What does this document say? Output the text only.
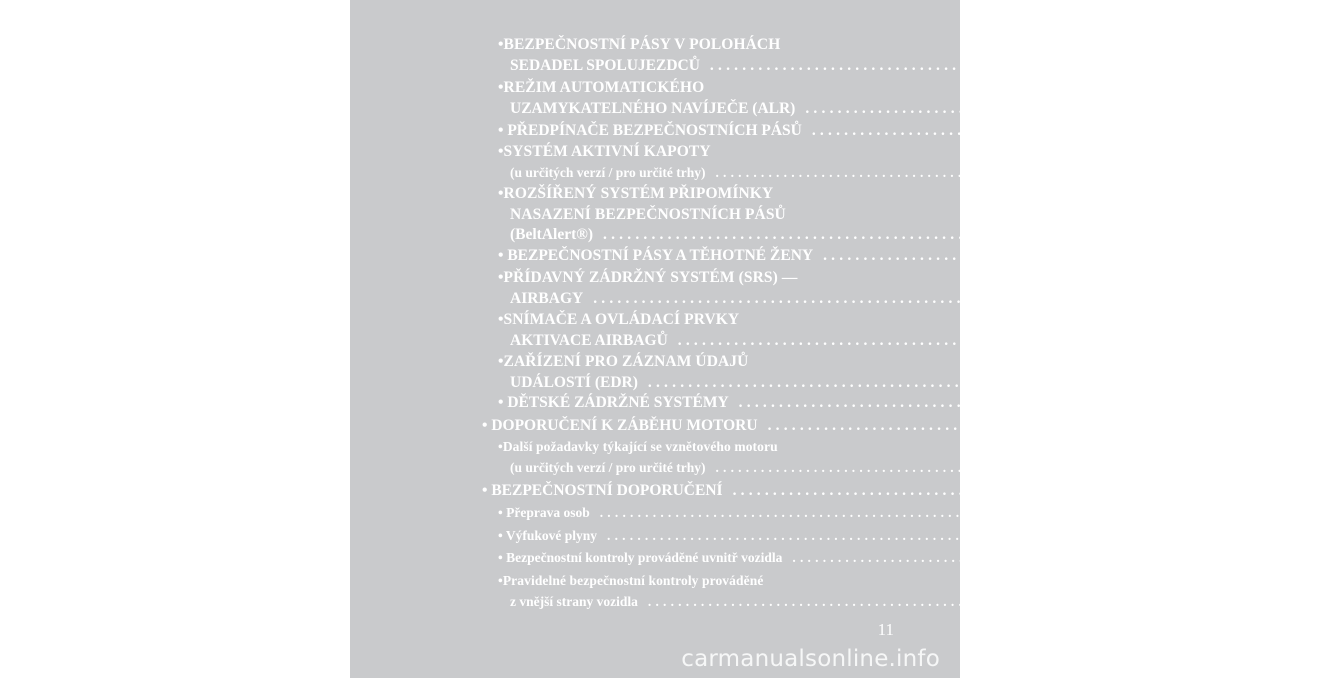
•BEZPEČNOSTNÍ PÁSY V POLOHÁCH
SEDADEL SPOLUJEZDCŮ ............................................................ 31
•REŽIM AUTOMATICKÉHO
UZAMYKATELNÉHO NAVÍJEČE (ALR) ............................................................ 32
• PŘEDPÍNAČE BEZPEČNOSTNÍCH PÁSŮ ............................................................ 32
•SYSTÉM AKTIVNÍ KAPOTY
(u určitých verzí / pro určité trhy) ............................................................ 32
•ROZŠÍŘENÝ SYSTÉM PŘIPOMÍNKY
NASAZENÍ BEZPEČNOSTNÍCH PÁSŮ
(BeltAlert®) ............................................................ 35
• BEZPEČNOSTNÍ PÁSY A TĚHOTNÉ ŽENY ............................................................ 35
•PŘÍDAVNÝ ZÁDRŽNÝ SYSTÉM (SRS) —
AIRBAGY ............................................................ 35
•SNÍMAČE A OVLÁDACÍ PRVKY
AKTIVACE AIRBAGŮ ............................................................ 39
•ZAŘÍZENÍ PRO ZÁZNAM ÚDAJŮ
UDÁLOSTÍ (EDR) ............................................................ 44
• DĚTSKÉ ZÁDRŽNÉ SYSTÉMY ............................................................ 45
• DOPORUČENÍ K ZÁBĚHU MOTORU ............................................................ 54
•Další požadavky týkající se vznětového motoru
(u určitých verzí / pro určité trhy) ............................................................ 54
• BEZPEČNOSTNÍ DOPORUČENÍ ............................................................ 54
• Přeprava osob ............................................................ 54
• Výfukové plyny ............................................................ 55
• Bezpečnostní kontroly prováděné uvnitř vozidla ............................................................ 55
•Pravidelné bezpečnostní kontroly prováděné
z vnější strany vozidla ............................................................ 57
11
carmanualsonline.info
